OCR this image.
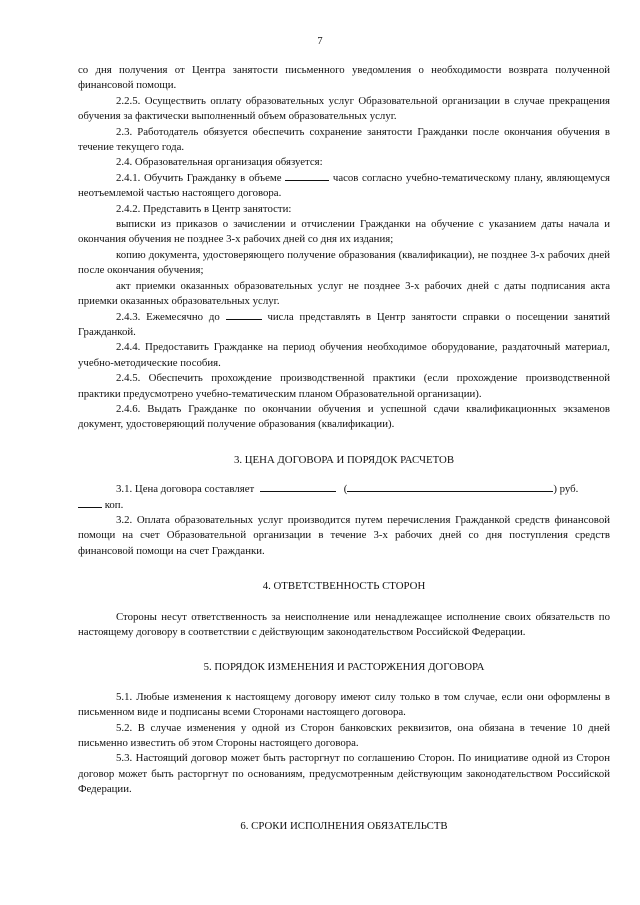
7

со дня получения от Центра занятости письменного уведомления о необходимости возврата полученной финансовой помощи.

2.2.5. Осуществить оплату образовательных услуг Образовательной организации в случае прекращения обучения за фактически выполненный объем образовательных услуг.

2.3. Работодатель обязуется обеспечить сохранение занятости Гражданки после окончания обучения в течение текущего года.

2.4. Образовательная организация обязуется:

2.4.1. Обучить Гражданку в объеме	часов согласно учебно-тематическому плану, являющемуся неотъемлемой частью настоящего договора.

2.4.2. Представить в Центр занятости:

выписки из приказов о зачислении и отчислении Гражданки на обучение с указанием даты начала и окончания обучения не позднее 3-х рабочих дней со дня их издания;

копию документа, удостоверяющего получение образования (квалификации), не позднее 3-х рабочих дней после окончания обучения;

акт приемки оказанных образовательных услуг не позднее 3-х рабочих дней с даты подписания акта приемки оказанных образовательных услуг.

2.4.3. Ежемесячно до	числа представлять в Центр занятости справки о посещении занятий Гражданкой.

2.4.4. Предоставить Гражданке на период обучения необходимое оборудование, раздаточный материал, учебно-методические пособия.

2.4.5. Обеспечить прохождение производственной практики (если прохождение производственной практики предусмотрено учебно-тематическим планом Образовательной организации).

2.4.6. Выдать Гражданке по окончании обучения и успешной сдачи квалификационных экзаменов документ, удостоверяющий получение образования (квалификации).

3. ЦЕНА ДОГОВОРА И ПОРЯДОК РАСЧЕТОВ

3.1. Цена договора составляет	(	) руб.
коп.

3.2. Оплата образовательных услуг производится путем перечисления Гражданкой средств финансовой помощи на счет Образовательной организации в течение 3-х рабочих дней со дня поступления средств финансовой помощи на счет Гражданки.

4. ОТВЕТСТВЕННОСТЬ СТОРОН

Стороны несут ответственность за неисполнение или ненадлежащее исполнение своих обязательств по настоящему договору в соответствии с действующим законодательством Российской Федерации.

5. ПОРЯДОК ИЗМЕНЕНИЯ И РАСТОРЖЕНИЯ ДОГОВОРА

5.1. Любые изменения к настоящему договору имеют силу только в том случае, если они оформлены в письменном виде и подписаны всеми Сторонами настоящего договора.

5.2. В случае изменения у одной из Сторон банковских реквизитов, она обязана в течение 10 дней письменно известить об этом Стороны настоящего договора.

5.3. Настоящий договор может быть расторгнут по соглашению Сторон. По инициативе одной из Сторон договор может быть расторгнут по основаниям, предусмотренным действующим законодательством Российской Федерации.

6. СРОКИ ИСПОЛНЕНИЯ ОБЯЗАТЕЛЬСТВ
